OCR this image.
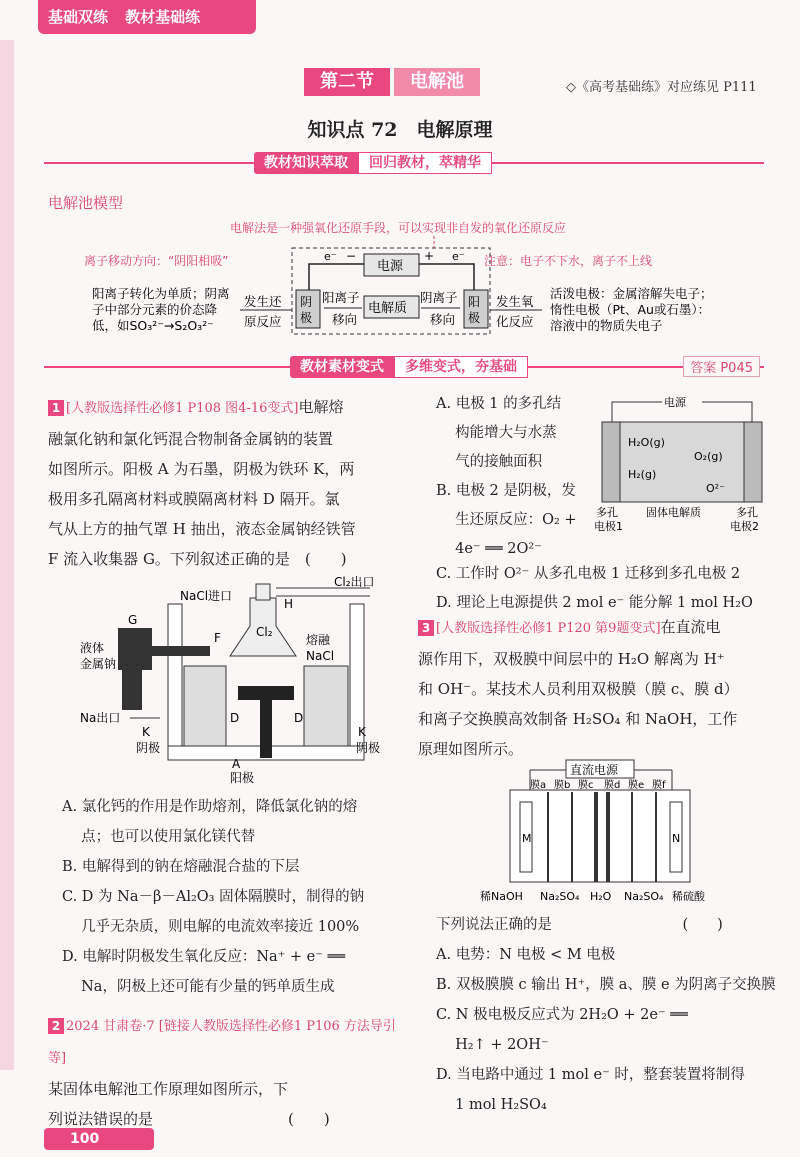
基础双练 教材基础练
第二节 电解池	◇《高考基础练》对应练见 P111
知识点 72　电解原理
教材知识萃取 回归教材，萃精华
电解池模型
电解法是一种强氧化还原手段，可以实现非自发的氧化还原反应
离子移动方向：“阴阳相吸”	注意：电子不下水，离子不上线
e⁻ −	+ e⁻
电源
阴
极
阳
极
电解质
阳离子
移向
阴离子
移向
发生还
原反应
阳离子转化为单质；阴离
子中部分元素的价态降
低，如SO₃²⁻→S₂O₃²⁻
发生氧
化反应
活泼电极：金属溶解失电子；
惰性电极（Pt、Au或石墨）：
溶液中的物质失电子
教材素材变式 多维变式，夯基础	答案 P045
1 [人教版选择性必修1 P108 图4-16变式]电解熔
融氯化钠和氯化钙混合物制备金属钠的装置
如图所示。阳极 A 为石墨，阴极为铁环 K，两
极用多孔隔离材料或膜隔离材料 D 隔开。氯
气从上方的抽气罩 H 抽出，液态金属钠经铁管
F 流入收集器 G。下列叙述正确的是　(　　)
NaCl进口
Cl₂出口
H
Cl₂
G
F
液体
金属钠
熔融
NaCl
Na出口	D	D
K
阴极
K
阴极
A
阳极
A. 氯化钙的作用是作助熔剂，降低氯化钠的熔
　 点；也可以使用氯化镁代替
B. 电解得到的钠在熔融混合盐的下层
C. D 为 Na－β－Al₂O₃ 固体隔膜时，制得的钠
　 几乎无杂质，则电解的电流效率接近 100%
D. 电解时阴极发生氧化反应：Na⁺ + e⁻ ══
　 Na，阴极上还可能有少量的钙单质生成
2 2024 甘肃卷·7 [链接人教版选择性必修1 P106 方法导引等]
某固体电解池工作原理如图所示，下
列说法错误的是　　　　　　　　　(　　)
A. 电极 1 的多孔结
　 构能增大与水蒸
　 气的接触面积
B. 电极 2 是阴极，发
　 生还原反应：O₂ +
　 4e⁻ ══ 2O²⁻
C. 工作时 O²⁻ 从多孔电极 1 迁移到多孔电极 2
D. 理论上电源提供 2 mol e⁻ 能分解 1 mol H₂O
电源
H₂O(g)
H₂(g)
O₂(g)
O²⁻
多孔
电极1
固体电解质	多孔
电极2
3 [人教版选择性必修1 P120 第9题变式]在直流电
源作用下，双极膜中间层中的 H₂O 解离为 H⁺
和 OH⁻。某技术人员利用双极膜（膜 c、膜 d）
和离子交换膜高效制备 H₂SO₄ 和 NaOH，工作
原理如图所示。
直流电源
M	N
膜a 膜b 膜c 膜d 膜e 膜f
稀NaOH Na₂SO₄ H₂O Na₂SO₄ 稀硫酸
下列说法正确的是　　　　　　　　　(　　)
A. 电势：N 电极 < M 电极
B. 双极膜膜 c 输出 H⁺，膜 a、膜 e 为阴离子交换膜
C. N 极电极反应式为 2H₂O + 2e⁻ ══
　 H₂↑ + 2OH⁻
D. 当电路中通过 1 mol e⁻ 时，整套装置将制得
　 1 mol H₂SO₄
100
